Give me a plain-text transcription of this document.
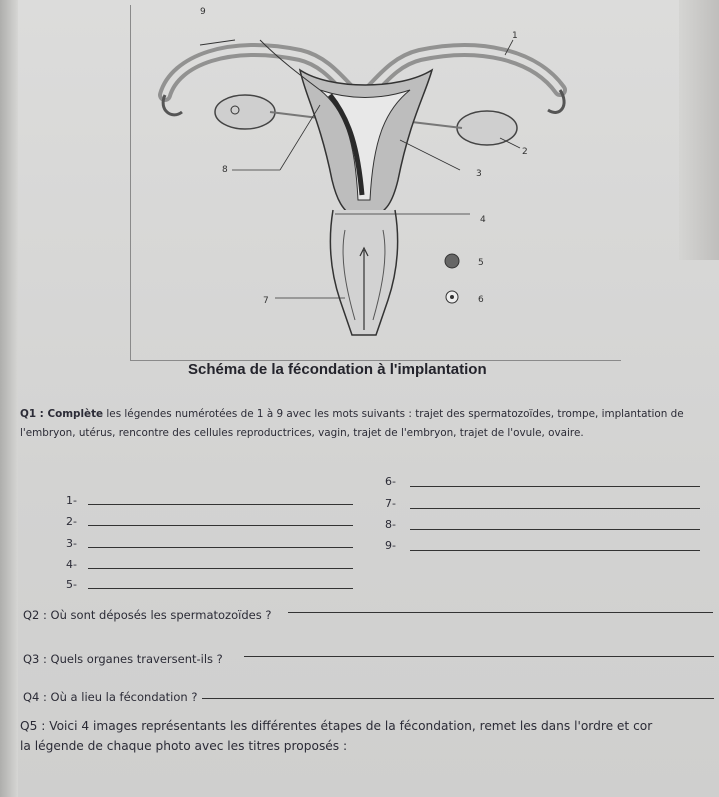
9
1
2
3
4
5
6
7
8
Schéma de la fécondation à l'implantation
Q1 : Complète les légendes numérotées de 1 à 9 avec les mots suivants : trajet des spermatozoïdes, trompe, implantation de l'embryon, utérus, rencontre des cellules reproductrices, vagin, trajet de l'embryon, trajet de l'ovule, ovaire.
1-
2-
3-
4-
5-
6-
7-
8-
9-
Q2 : Où sont déposés les spermatozoïdes ?
Q3 : Quels organes traversent-ils ?
Q4 : Où a lieu la fécondation ?
Q5 : Voici 4 images représentants les différentes étapes de la fécondation, remet les dans l'ordre et cor
la légende de chaque photo avec les titres proposés :
